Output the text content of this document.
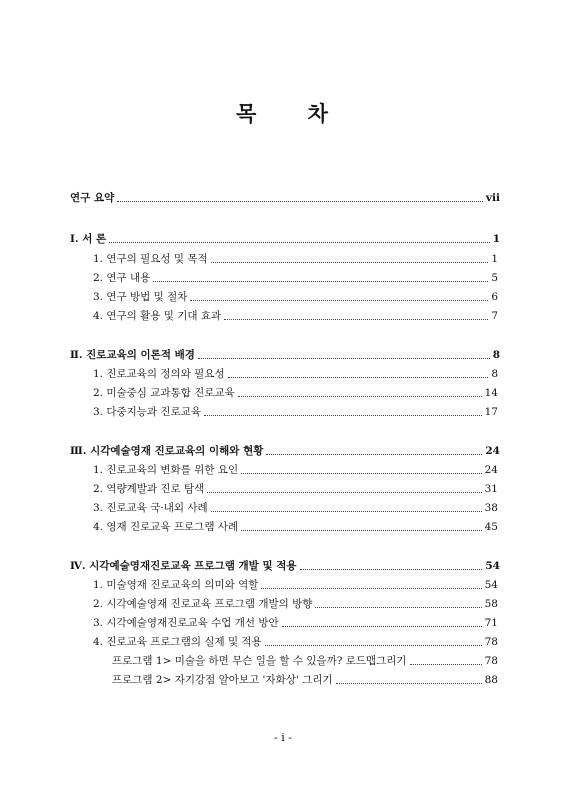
목 차
연구 요약	vii
Ⅰ. 서 론	1
1. 연구의 필요성 및 목적	1
2. 연구 내용	5
3. 연구 방법 및 절차	6
4. 연구의 활용 및 기대 효과	7
Ⅱ. 진로교육의 이론적 배경	8
1. 진로교육의 정의와 필요성	8
2. 미술중심 교과통합 진로교육	14
3. 다중지능과 진로교육	17
Ⅲ. 시각예술영재 진로교육의 이해와 현황	24
1. 진로교육의 변화를 위한 요인	24
2. 역량계발과 진로 탐색	31
3. 진로교육 국·내외 사례	38
4. 영재 진로교육 프로그램 사례	45
Ⅳ. 시각예술영재진로교육 프로그램 개발 및 적용	54
1. 미술영재 진로교육의 의미와 역할	54
2. 시각예술영재 진로교육 프로그램 개발의 방향	58
3. 시각예술영재진로교육 수업 개선 방안	71
4. 진로교육 프로그램의 실제 및 적용	78
프로그램 1> 미술을 하면 무슨 일을 할 수 있을까? 로드맵그리기	78
프로그램 2> 자기강점 알아보고 '자화상' 그리기	88
- i -
